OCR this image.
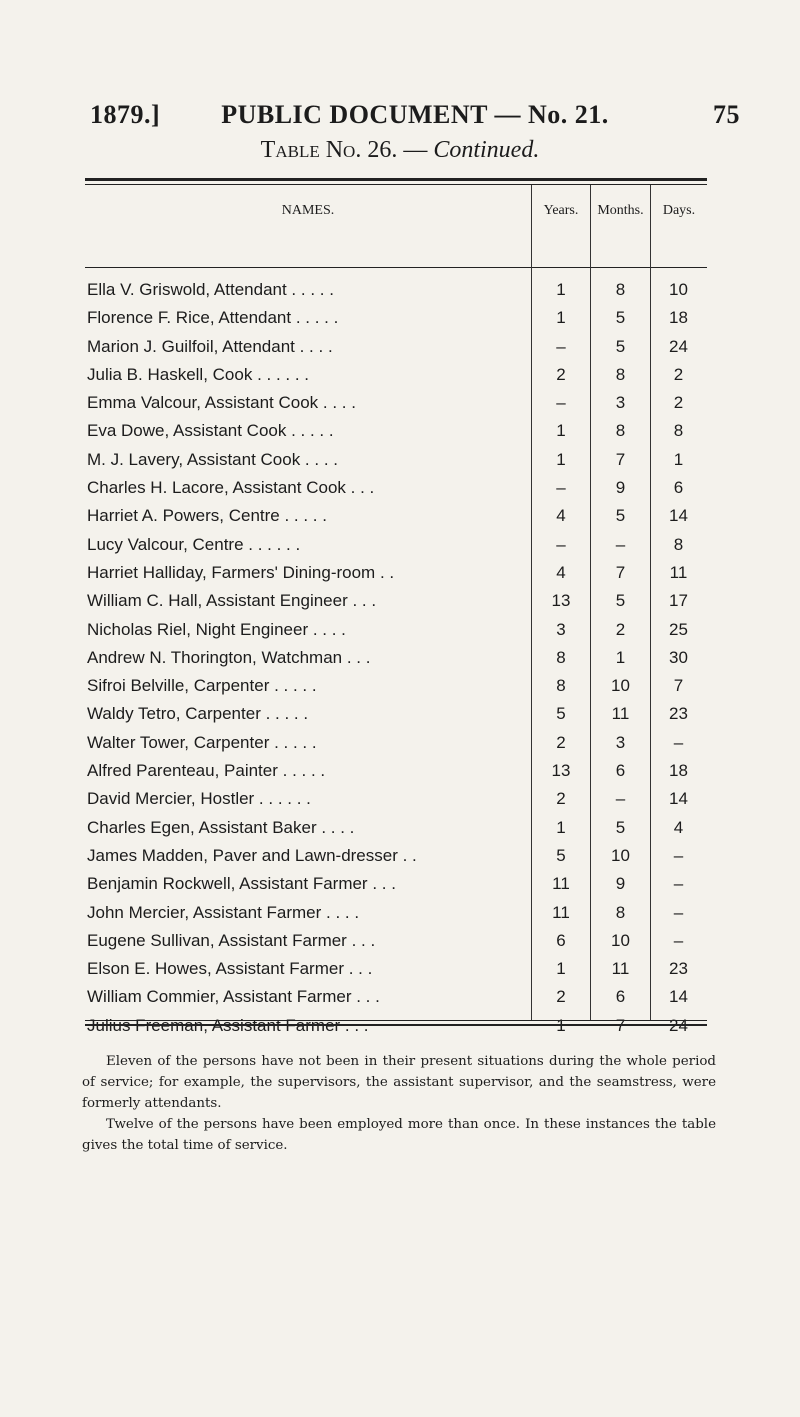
1879.]	PUBLIC DOCUMENT — No. 21.	75
Table No. 26. — Continued.
NAMES.	Years.	Months.	Days.
Ella V. Griswold, Attendant . . . . .	1	8	10
Florence F. Rice, Attendant . . . . .	1	5	18
Marion J. Guilfoil, Attendant . . . .	–	5	24
Julia B. Haskell, Cook . . . . . .	2	8	2
Emma Valcour, Assistant Cook . . . .	–	3	2
Eva Dowe, Assistant Cook . . . . .	1	8	8
M. J. Lavery, Assistant Cook . . . .	1	7	1
Charles H. Lacore, Assistant Cook . . .	–	9	6
Harriet A. Powers, Centre . . . . .	4	5	14
Lucy Valcour, Centre . . . . . .	–	–	8
Harriet Halliday, Farmers' Dining-room . .	4	7	11
William C. Hall, Assistant Engineer . . .	13	5	17
Nicholas Riel, Night Engineer . . . .	3	2	25
Andrew N. Thorington, Watchman . . .	8	1	30
Sifroi Belville, Carpenter . . . . .	8	10	7
Waldy Tetro, Carpenter . . . . .	5	11	23
Walter Tower, Carpenter . . . . .	2	3	–
Alfred Parenteau, Painter . . . . .	13	6	18
David Mercier, Hostler . . . . . .	2	–	14
Charles Egen, Assistant Baker . . . .	1	5	4
James Madden, Paver and Lawn-dresser . .	5	10	–
Benjamin Rockwell, Assistant Farmer . . .	11	9	–
John Mercier, Assistant Farmer . . . .	11	8	–
Eugene Sullivan, Assistant Farmer . . .	6	10	–
Elson E. Howes, Assistant Farmer . . .	1	11	23
William Commier, Assistant Farmer . . .	2	6	14
Julius Freeman, Assistant Farmer . . .	1	7	24

Eleven of the persons have not been in their present situations during the whole period of service; for example, the supervisors, the assistant supervisor, and the seamstress, were formerly attendants.

Twelve of the persons have been employed more than once. In these instances the table gives the total time of service.
